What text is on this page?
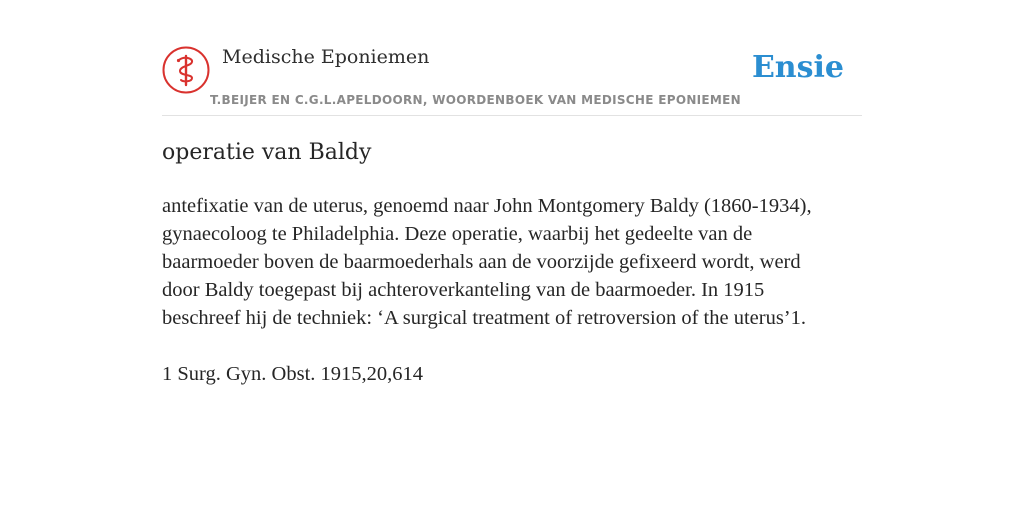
Medische Eponiemen
T.BEIJER EN C.G.L.APELDOORN, WOORDENBOEK VAN MEDISCHE EPONIEMEN
Ensie
operatie van Baldy

antefixatie van de uterus, genoemd naar John Montgomery Baldy (1860-1934),
gynaecoloog te Philadelphia. Deze operatie, waarbij het gedeelte van de
baarmoeder boven de baarmoederhals aan de voorzijde gefixeerd wordt, werd
door Baldy toegepast bij achteroverkanteling van de baarmoeder. In 1915
beschreef hij de techniek: ‘A surgical treatment of retroversion of the uterus’1.

1 Surg. Gyn. Obst. 1915,20,614
